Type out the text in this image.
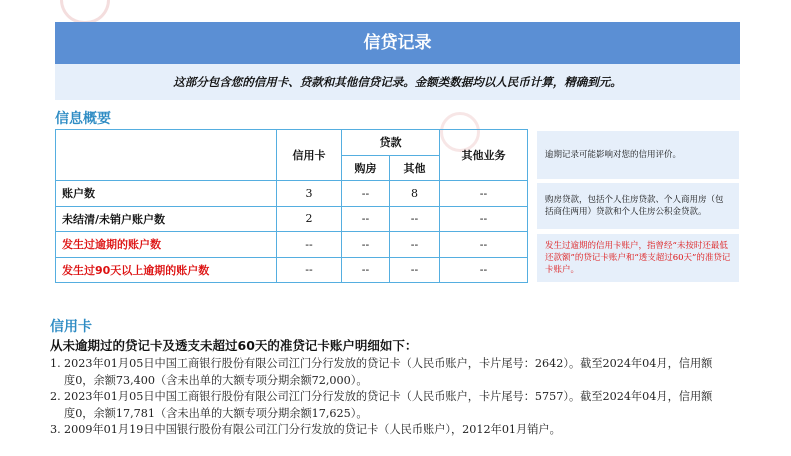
信贷记录
这部分包含您的信用卡、贷款和其他信贷记录。金额类数据均以人民币计算，精确到元。
信息概要
	信用卡	贷款		其他业务
		购房	其他	
账户数	3	--	8	--
未结清/未销户账户数	2	--	--	--
发生过逾期的账户数	--	--	--	--
发生过90天以上逾期的账户数	--	--	--	--
逾期记录可能影响对您的信用评价。
购房贷款，包括个人住房贷款、个人商用房（包括商住两用）贷款和个人住房公积金贷款。
发生过逾期的信用卡账户，指曾经“未按时还最低还款额”的贷记卡账户和“透支超过60天”的准贷记卡账户。
信用卡
从未逾期过的贷记卡及透支未超过60天的准贷记卡账户明细如下：
1. 2023年01月05日中国工商银行股份有限公司江门分行发放的贷记卡（人民币账户，卡片尾号：2642）。截至2024年04月，信用额
度0，余额73,400（含未出单的大额专项分期余额72,000）。
2. 2023年01月05日中国工商银行股份有限公司江门分行发放的贷记卡（人民币账户，卡片尾号：5757）。截至2024年04月，信用额
度0，余额17,781（含未出单的大额专项分期余额17,625）。
3. 2009年01月19日中国银行股份有限公司江门分行发放的贷记卡（人民币账户），2012年01月销户。
